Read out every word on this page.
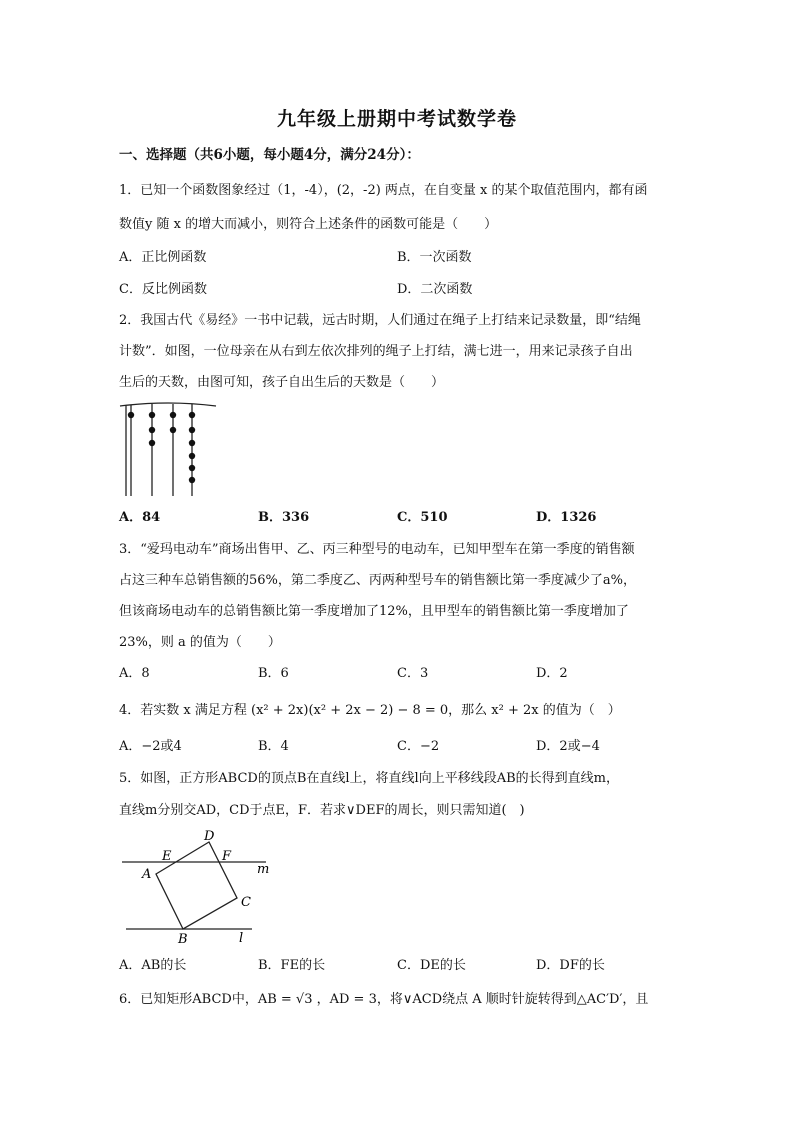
九年级上册期中考试数学卷
一、选择题（共6小题，每小题4分，满分24分）：
1．已知一个函数图象经过（1，-4），(2，-2) 两点，在自变量 x 的某个取值范围内，都有函
数值y 随 x 的增大而减小，则符合上述条件的函数可能是（　　）
A．正比例函数	B．一次函数
C．反比例函数	D．二次函数
2．我国古代《易经》一书中记载，远古时期，人们通过在绳子上打结来记录数量，即“结绳
计数”．如图，一位母亲在从右到左依次排列的绳子上打结，满七进一，用来记录孩子自出
生后的天数，由图可知，孩子自出生后的天数是（　　）
A．84	B．336	C．510	D．1326
3．“爱玛电动车”商场出售甲、乙、丙三种型号的电动车，已知甲型车在第一季度的销售额
占这三种车总销售额的56%，第二季度乙、丙两种型号车的销售额比第一季度减少了a%，
但该商场电动车的总销售额比第一季度增加了12%，且甲型车的销售额比第一季度增加了
23%，则 a 的值为（　　）
A．8	B．6	C．3	D．2
4．若实数 x 满足方程 (x² + 2x)(x² + 2x − 2) − 8 = 0，那么 x² + 2x 的值为（　）
A．−2或4	B．4	C．−2	D．2或−4
5．如图，正方形ABCD的顶点B在直线l上，将直线l向上平移线段AB的长得到直线m，
直线m分别交AD，CD于点E，F．若求∨DEF的周长，则只需知道(　)
D
E	F
A
C
B
m
l
A．AB的长	B．FE的长	C．DE的长	D．DF的长
6．已知矩形ABCD中，AB = √3 ，AD = 3，将∨ACD绕点 A 顺时针旋转得到△AC′D′，且
